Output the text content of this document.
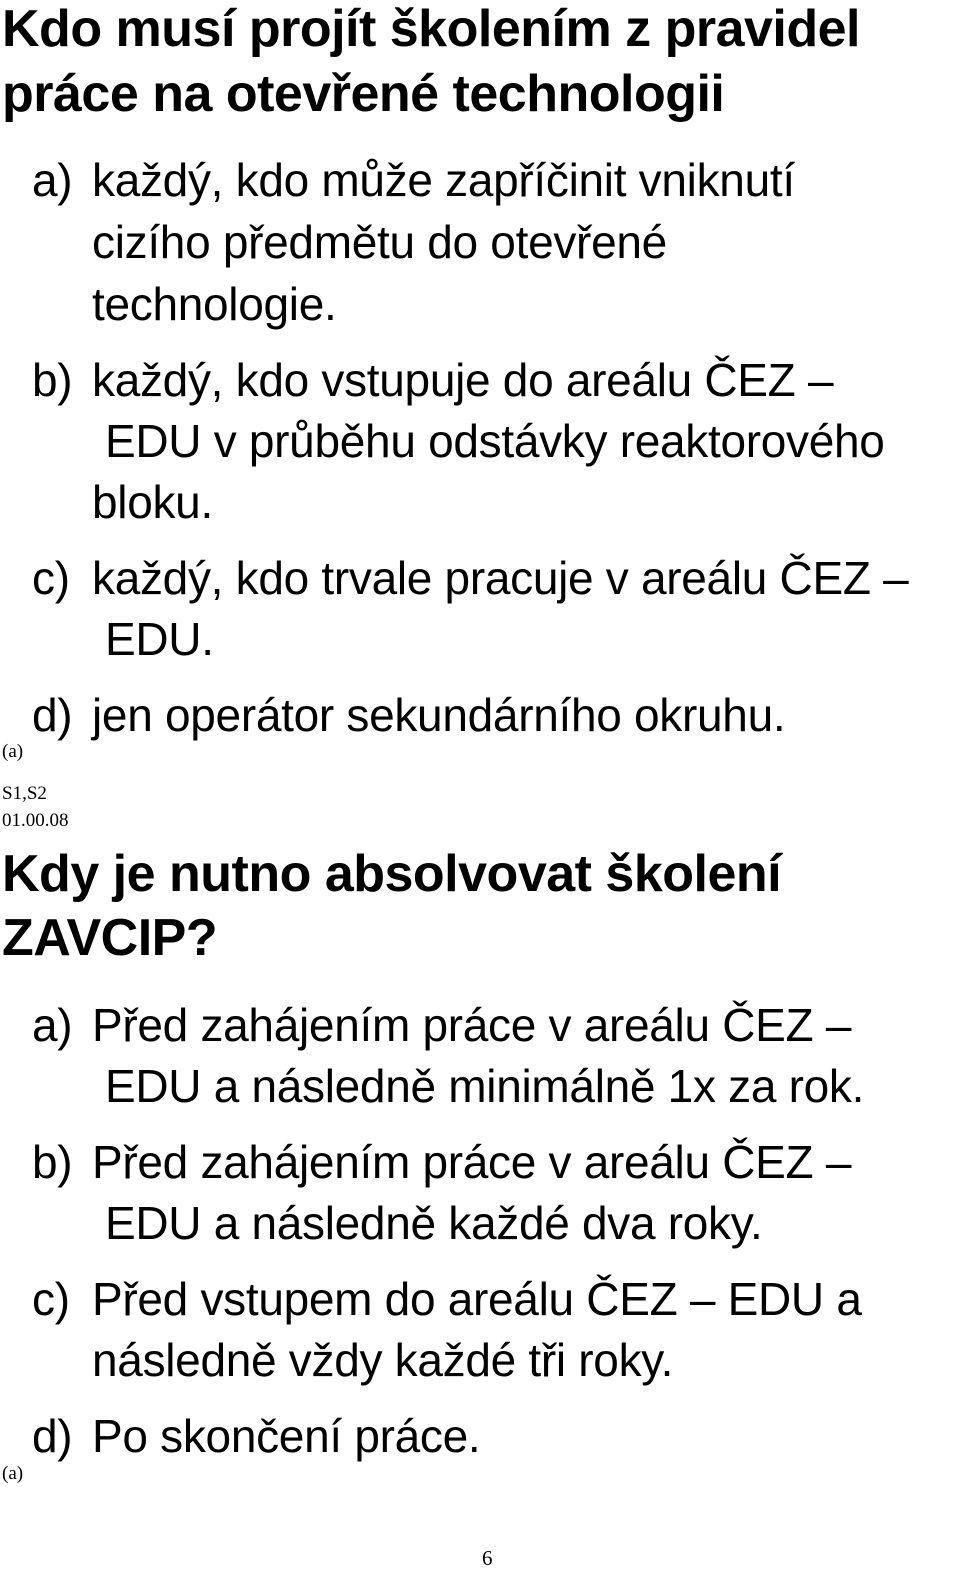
Kdo musí projít školením z pravidel
práce na otevřené technologii
a) každý, kdo může zapříčinit vniknutí
cizího předmětu do otevřené
technologie.
b) každý, kdo vstupuje do areálu ČEZ –
EDU v průběhu odstávky reaktorového
bloku.
c) každý, kdo trvale pracuje v areálu ČEZ –
EDU.
d) jen operátor sekundárního okruhu.
(a)
S1,S2
01.00.08
Kdy je nutno absolvovat školení
ZAVCIP?
a) Před zahájením práce v areálu ČEZ –
EDU a následně minimálně 1x za rok.
b) Před zahájením práce v areálu ČEZ –
EDU a následně každé dva roky.
c) Před vstupem do areálu ČEZ – EDU a
následně vždy každé tři roky.
d) Po skončení práce.
(a)
6
